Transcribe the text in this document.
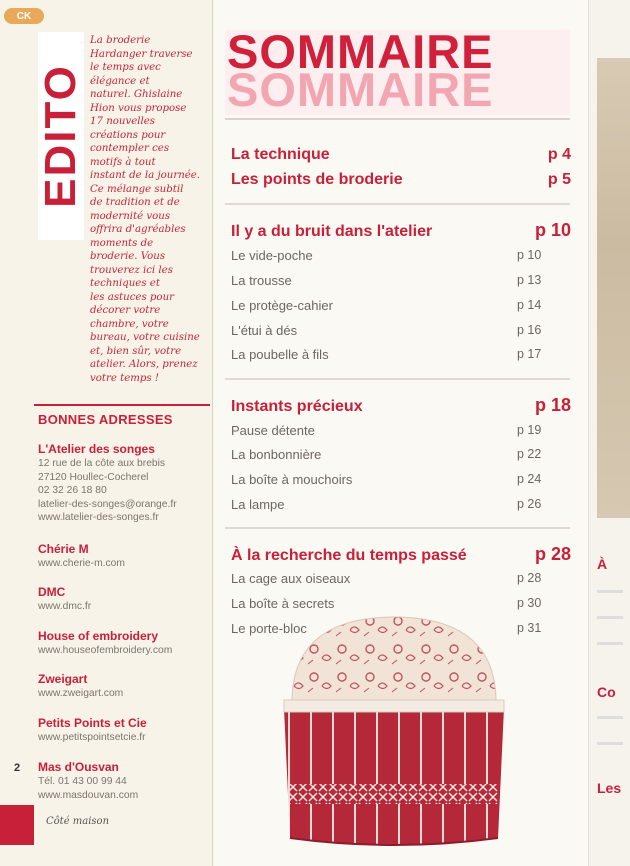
CK
EDITO
La broderie
Hardanger traverse
le temps avec
élégance et
naturel. Ghislaine
Hion vous propose
17 nouvelles
créations pour
contempler ces
motifs à tout
instant de la journée.
Ce mélange subtil
de tradition et de
modernité vous
offrira d'agréables
moments de
broderie. Vous
trouverez ici les
techniques et
les astuces pour
décorer votre
chambre, votre
bureau, votre cuisine
et, bien sûr, votre
atelier. Alors, prenez
votre temps !
BONNES ADRESSES
L'Atelier des songes
12 rue de la côte aux brebis
27120 Houllec-Cocherel
02 32 26 18 80
latelier-des-songes@orange.fr
www.latelier-des-songes.fr
Chérie M
www.cherie-m.com
DMC
www.dmc.fr
House of embroidery
www.houseofembroidery.com
Zweigart
www.zweigart.com
Petits Points et Cie
www.petitspointsetcie.fr
Mas d'Ousvan
Tél. 01 43 00 99 44
www.masdouvan.com
2
Côté maison
SOMMAIRE
SOMMAIRE
La technique	p 4
Les points de broderie	p 5
Il y a du bruit dans l'atelier	p 10
Le vide-poche	p 10
La trousse	p 13
Le protège-cahier	p 14
L'étui à dés	p 16
La poubelle à fils	p 17
Instants précieux	p 18
Pause détente	p 19
La bonbonnière	p 22
La boîte à mouchoirs	p 24
La lampe	p 26
À la recherche du temps passé	p 28
La cage aux oiseaux	p 28
La boîte à secrets	p 30
Le porte-bloc	p 31
À
Co
Les
